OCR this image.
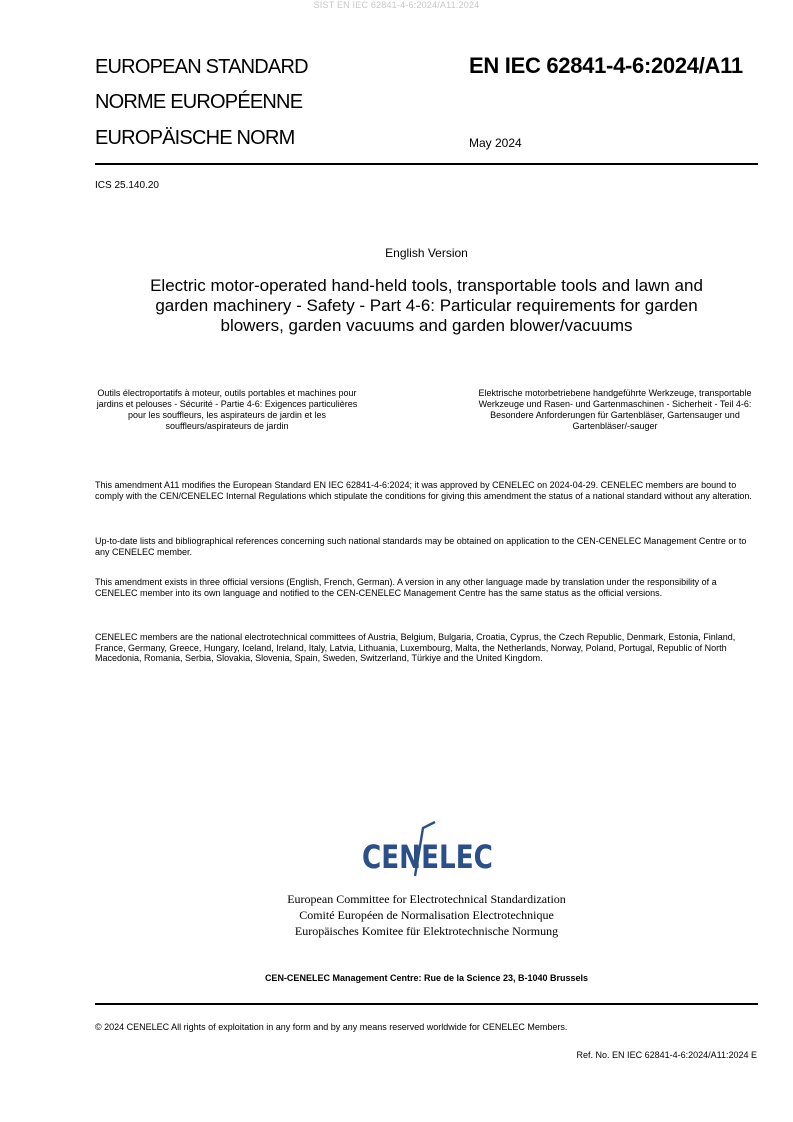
SIST EN IEC 62841-4-6:2024/A11:2024
EUROPEAN STANDARD
NORME EUROPÉENNE
EUROPÄISCHE NORM
EN IEC 62841-4-6:2024/A11
May 2024
ICS 25.140.20
English Version
Electric motor-operated hand-held tools, transportable tools and lawn and garden machinery - Safety - Part 4-6: Particular requirements for garden blowers, garden vacuums and garden blower/vacuums
Outils électroportatifs à moteur, outils portables et machines pour jardins et pelouses - Sécurité - Partie 4-6: Exigences particulières pour les souffleurs, les aspirateurs de jardin et les souffleurs/aspirateurs de jardin
Elektrische motorbetriebene handgeführte Werkzeuge, transportable Werkzeuge und Rasen- und Gartenmaschinen - Sicherheit - Teil 4-6: Besondere Anforderungen für Gartenbläser, Gartensauger und Gartenbläser/-sauger
This amendment A11 modifies the European Standard EN IEC 62841-4-6:2024; it was approved by CENELEC on 2024-04-29. CENELEC members are bound to comply with the CEN/CENELEC Internal Regulations which stipulate the conditions for giving this amendment the status of a national standard without any alteration.
Up-to-date lists and bibliographical references concerning such national standards may be obtained on application to the CEN-CENELEC Management Centre or to any CENELEC member.
This amendment exists in three official versions (English, French, German). A version in any other language made by translation under the responsibility of a CENELEC member into its own language and notified to the CEN-CENELEC Management Centre has the same status as the official versions.
CENELEC members are the national electrotechnical committees of Austria, Belgium, Bulgaria, Croatia, Cyprus, the Czech Republic, Denmark, Estonia, Finland, France, Germany, Greece, Hungary, Iceland, Ireland, Italy, Latvia, Lithuania, Luxembourg, Malta, the Netherlands, Norway, Poland, Portugal, Republic of North Macedonia, Romania, Serbia, Slovakia, Slovenia, Spain, Sweden, Switzerland, Türkiye and the United Kingdom.
CENELEC
European Committee for Electrotechnical Standardization
Comité Européen de Normalisation Electrotechnique
Europäisches Komitee für Elektrotechnische Normung
CEN-CENELEC Management Centre: Rue de la Science 23, B-1040 Brussels
© 2024 CENELEC All rights of exploitation in any form and by any means reserved worldwide for CENELEC Members.
Ref. No. EN IEC 62841-4-6:2024/A11:2024 E
